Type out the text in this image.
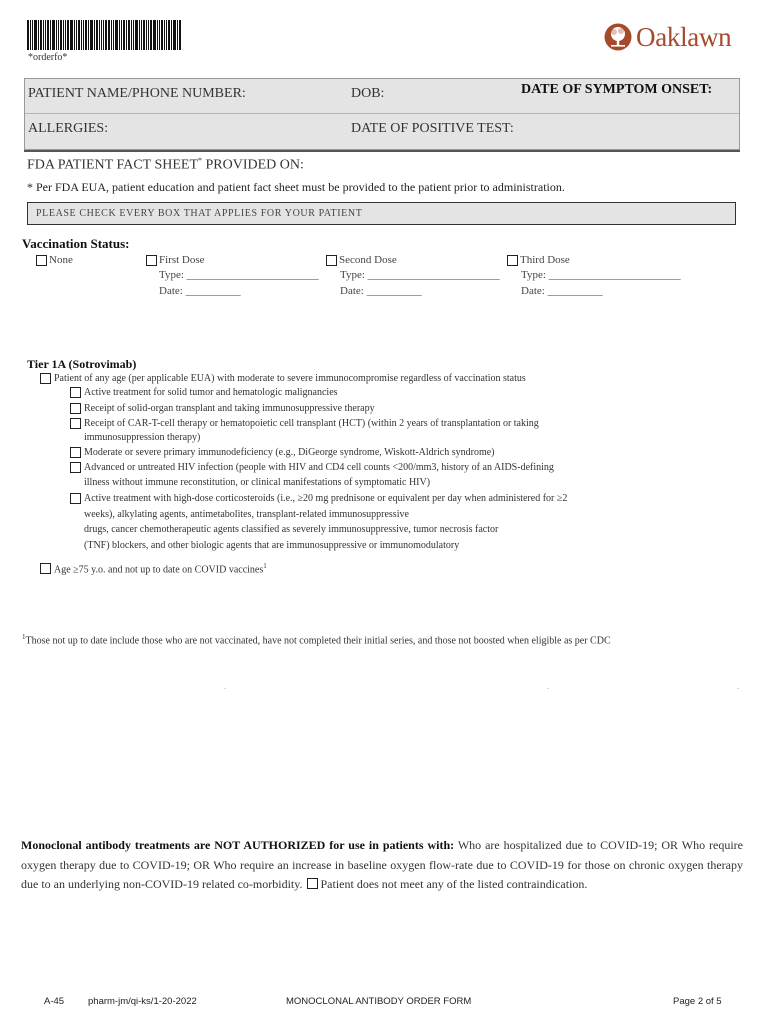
*orderfo*
Oaklawn
PATIENT NAME/PHONE NUMBER:	DOB:	DATE OF SYMPTOM ONSET:
ALLERGIES:	DATE OF POSITIVE TEST:
FDA PATIENT FACT SHEET* PROVIDED ON:
* Per FDA EUA, patient education and patient fact sheet must be provided to the patient prior to administration.
PLEASE CHECK EVERY BOX THAT APPLIES FOR YOUR PATIENT
Vaccination Status:
None	First Dose
Type: ________________________
Date: __________
Second Dose
Type: ________________________
Date: __________
Third Dose
Type: ________________________
Date: __________
Tier 1A (Sotrovimab)
Patient of any age (per applicable EUA) with moderate to severe immunocompromise regardless of vaccination status
Active treatment for solid tumor and hematologic malignancies
Receipt of solid-organ transplant and taking immunosuppressive therapy
Receipt of CAR-T-cell therapy or hematopoietic cell transplant (HCT) (within 2 years of transplantation or taking
immunosuppression therapy)
Moderate or severe primary immunodeficiency (e.g., DiGeorge syndrome, Wiskott-Aldrich syndrome)
Advanced or untreated HIV infection (people with HIV and CD4 cell counts <200/mm3, history of an AIDS-defining
illness without immune reconstitution, or clinical manifestations of symptomatic HIV)
Active treatment with high-dose corticosteroids (i.e., ≥20 mg prednisone or equivalent per day when administered for ≥2
weeks), alkylating agents, antimetabolites, transplant-related immunosuppressive
drugs, cancer chemotherapeutic agents classified as severely immunosuppressive, tumor necrosis factor
(TNF) blockers, and other biologic agents that are immunosuppressive or immunomodulatory
Age ≥75 y.o. and not up to date on COVID vaccines$^1$
$^1$Those not up to date include those who are not vaccinated, have not completed their initial series, and those not boosted when eligible as per CDC
.	.	.
Monoclonal antibody treatments are NOT AUTHORIZED for use in patients with: Who are hospitalized due to COVID-19; OR Who require oxygen therapy due to COVID-19; OR Who require an increase in baseline oxygen flow-rate due to COVID-19 for those on chronic oxygen therapy due to an underlying non-COVID-19 related co-morbidity. Patient does not meet any of the listed contraindication.
A-45	pharm-jm/qi-ks/1-20-2022	MONOCLONAL ANTIBODY ORDER FORM	Page 2 of 5
